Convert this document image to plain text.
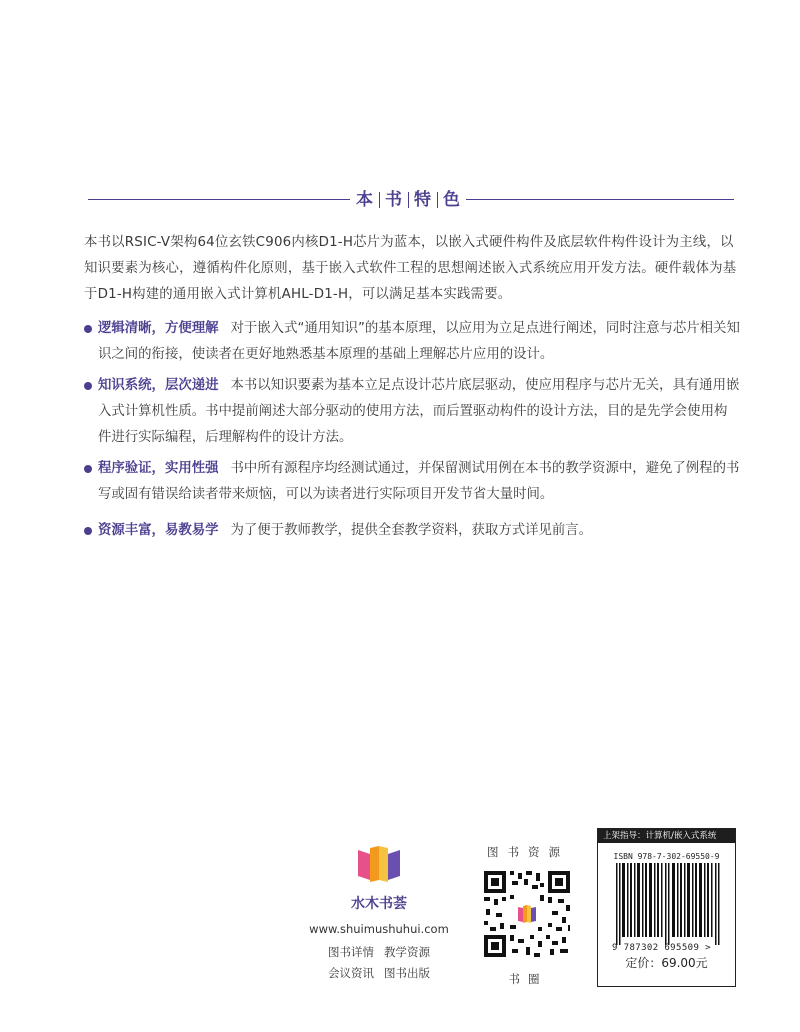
本 书 特 色
本书以RSIC-V架构64位玄铁C906内核D1-H芯片为蓝本，以嵌入式硬件构件及底层软件构件设计为主线，以知识要素为核心，遵循构件化原则，基于嵌入式软件工程的思想阐述嵌入式系统应用开发方法。硬件载体为基于D1-H构建的通用嵌入式计算机AHL-D1-H，可以满足基本实践需要。
逻辑清晰，方便理解 对于嵌入式“通用知识”的基本原理，以应用为立足点进行阐述，同时注意与芯片相关知识之间的衔接，使读者在更好地熟悉基本原理的基础上理解芯片应用的设计。
知识系统，层次递进 本书以知识要素为基本立足点设计芯片底层驱动，使应用程序与芯片无关，具有通用嵌入式计算机性质。书中提前阐述大部分驱动的使用方法，而后置驱动构件的设计方法，目的是先学会使用构件进行实际编程，后理解构件的设计方法。
程序验证，实用性强 书中所有源程序均经测试通过，并保留测试用例在本书的教学资源中，避免了例程的书写或固有错误给读者带来烦恼，可以为读者进行实际项目开发节省大量时间。
资源丰富，易教易学 为了便于教师教学，提供全套教学资料，获取方式详见前言。
水木书荟
www.shuimushuhui.com
图书详情 教学资源
会议资讯 图书出版
图书资源
书圈
上架指导：计算机/嵌入式系统
ISBN 978-7-302-69550-9
9 787302 695509 >
定价：69.00元
